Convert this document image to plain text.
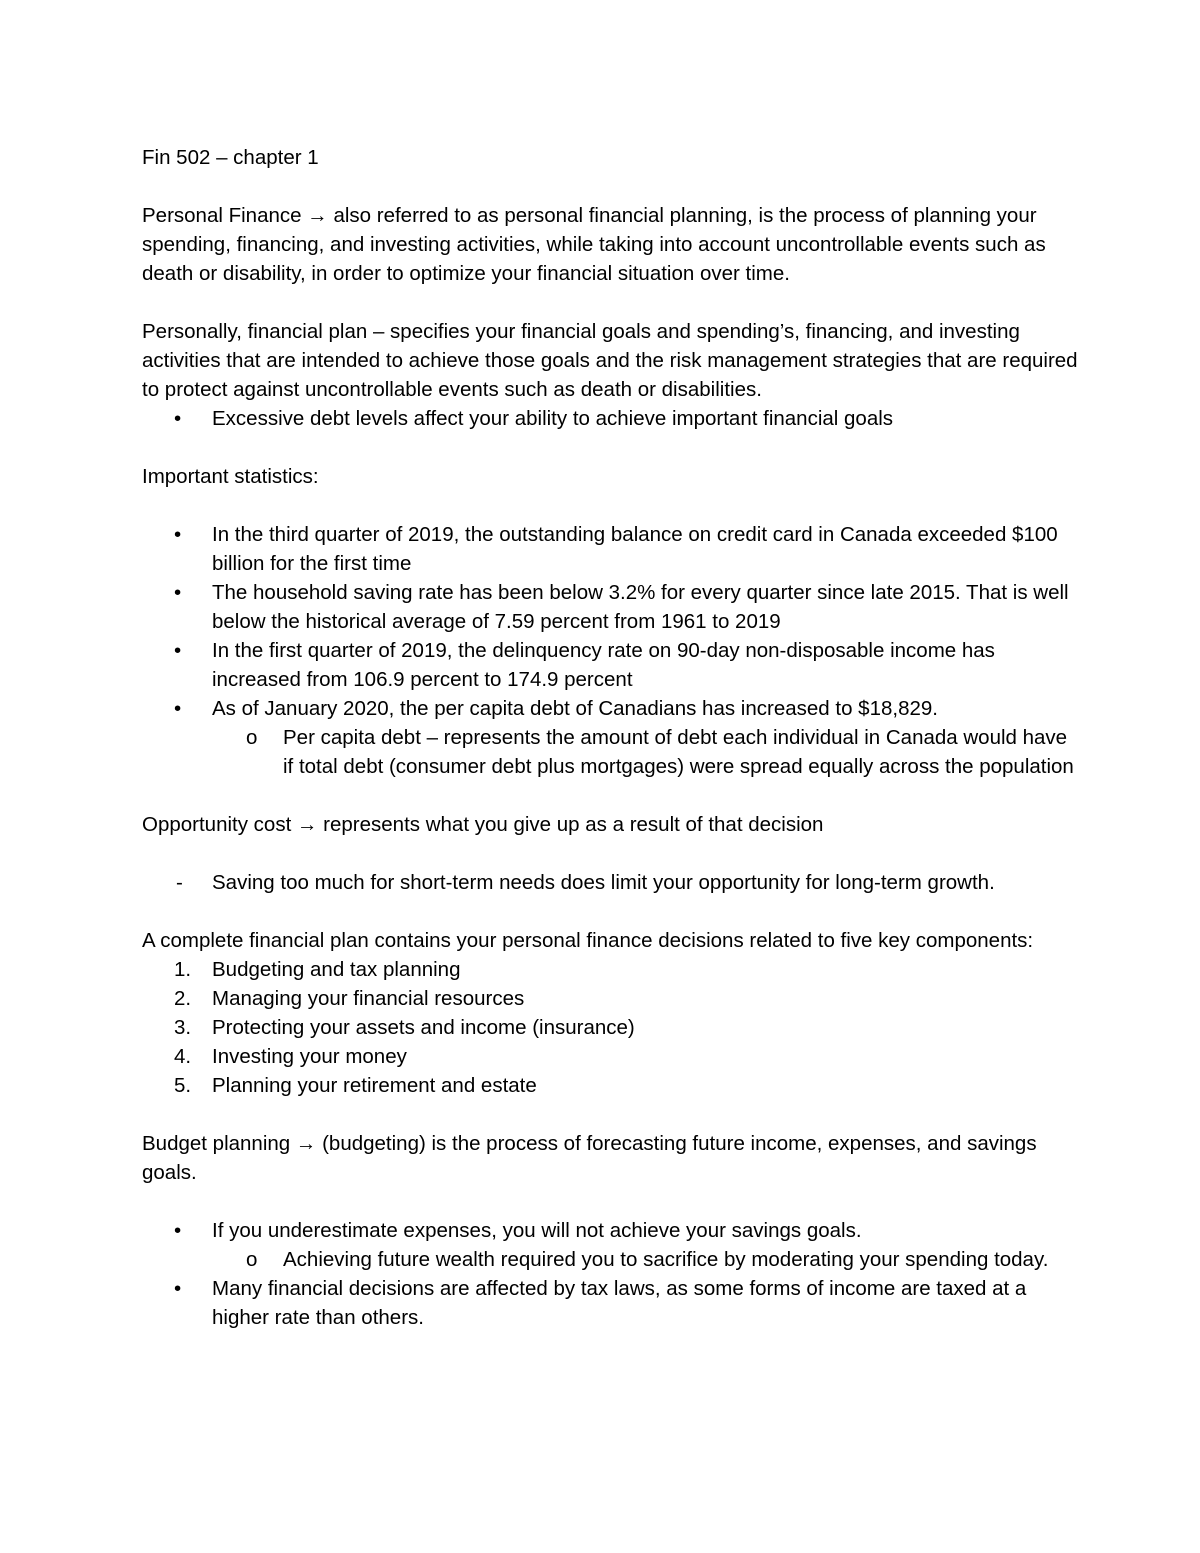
Fin 502 – chapter 1

Personal Finance → also referred to as personal financial planning, is the process of planning your spending, financing, and investing activities, while taking into account uncontrollable events such as death or disability, in order to optimize your financial situation over time.

Personally, financial plan – specifies your financial goals and spending’s, financing, and investing activities that are intended to achieve those goals and the risk management strategies that are required to protect against uncontrollable events such as death or disabilities.

• Excessive debt levels affect your ability to achieve important financial goals

Important statistics:

• In the third quarter of 2019, the outstanding balance on credit card in Canada exceeded $100 billion for the first time
• The household saving rate has been below 3.2% for every quarter since late 2015. That is well below the historical average of 7.59 percent from 1961 to 2019
• In the first quarter of 2019, the delinquency rate on 90-day non-disposable income has increased from 106.9 percent to 174.9 percent
• As of January 2020, the per capita debt of Canadians has increased to $18,829.
o Per capita debt – represents the amount of debt each individual in Canada would have if total debt (consumer debt plus mortgages) were spread equally across the population

Opportunity cost → represents what you give up as a result of that decision

- Saving too much for short-term needs does limit your opportunity for long-term growth.

A complete financial plan contains your personal finance decisions related to five key components:

1. Budgeting and tax planning
2. Managing your financial resources
3. Protecting your assets and income (insurance)
4. Investing your money
5. Planning your retirement and estate

Budget planning → (budgeting) is the process of forecasting future income, expenses, and savings goals.

• If you underestimate expenses, you will not achieve your savings goals.
o Achieving future wealth required you to sacrifice by moderating your spending today.
• Many financial decisions are affected by tax laws, as some forms of income are taxed at a higher rate than others.
